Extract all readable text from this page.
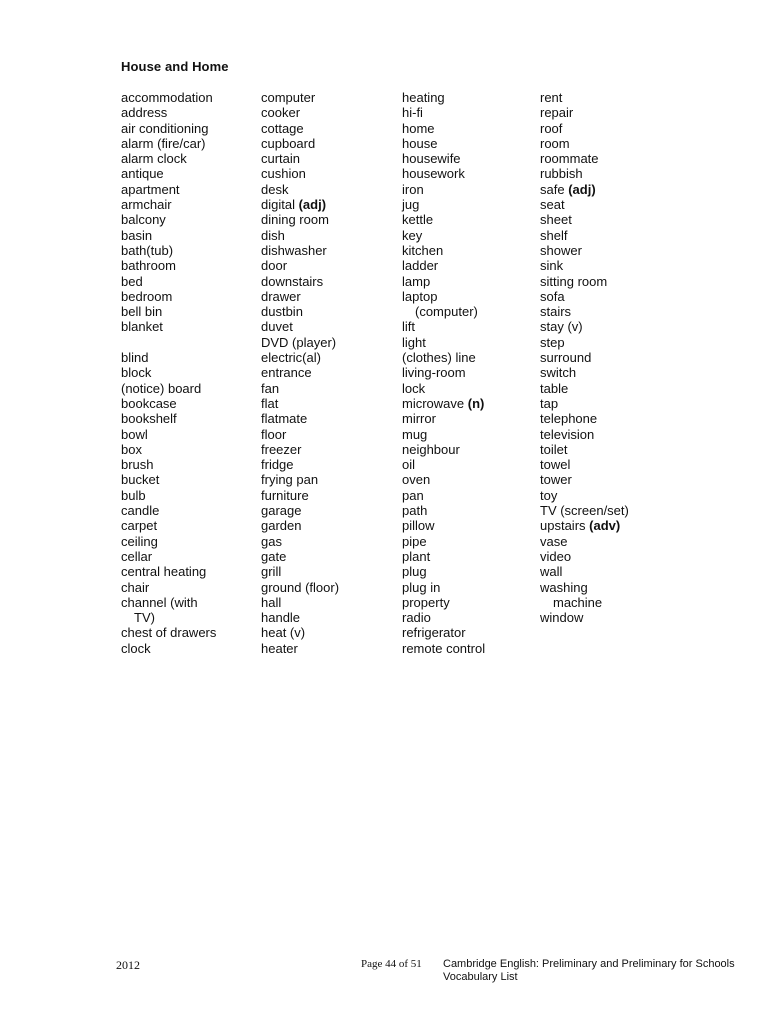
House and Home
accommodation
address
air conditioning
alarm (fire/car)
alarm clock
antique
apartment
armchair
balcony
basin
bath(tub)
bathroom
bed
bedroom
bell bin
blanket
blind
block
(notice) board
bookcase
bookshelf
bowl
box
brush
bucket
bulb
candle
carpet
ceiling
cellar
central heating
chair
channel (with
TV)
chest of drawers
clock
computer
cooker
cottage
cupboard
curtain
cushion
desk
digital (adj)
dining room
dish
dishwasher
door
downstairs
drawer
dustbin
duvet
DVD (player)
electric(al)
entrance
fan
flat
flatmate
floor
freezer
fridge
frying pan
furniture
garage
garden
gas
gate
grill
ground (floor)
hall
handle
heat (v)
heater
heating
hi-fi
home
house
housewife
housework
iron
jug
kettle
key
kitchen
ladder
lamp
laptop
(computer)
lift
light
(clothes) line
living-room
lock
microwave (n)
mirror
mug
neighbour
oil
oven
pan
path
pillow
pipe
plant
plug
plug in
property
radio
refrigerator
remote control
rent
repair
roof
room
roommate
rubbish
safe (adj)
seat
sheet
shelf
shower
sink
sitting room
sofa
stairs
stay (v)
step
surround
switch
table
tap
telephone
television
toilet
towel
tower
toy
TV (screen/set)
upstairs (adv)
vase
video
wall
washing
machine
window
2012	Page 44 of 51 Cambridge English: Preliminary and Preliminary for Schools
Vocabulary List
